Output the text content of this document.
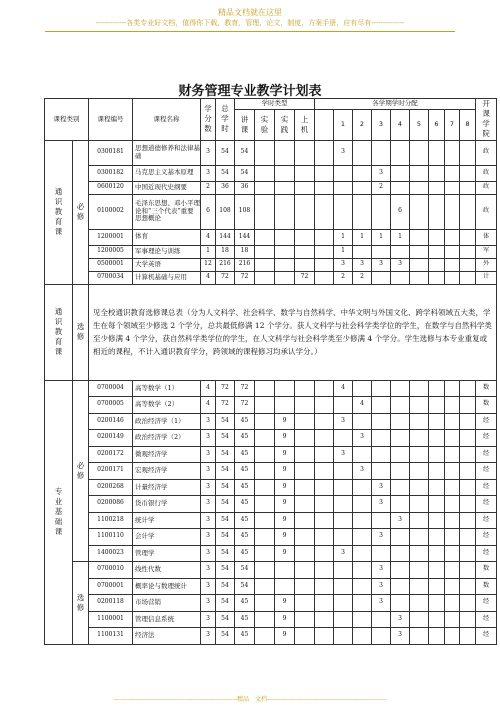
精品文档就在这里
-------------各类专业好文档，值得你下载，教育，管理，论文，制度，方案手册，应有尽有--------------
财务管理专业教学计划表
课程类别		课程编号	课程名称	学分数	总学时	学时类型				各学期学时分配									开课学院
						讲课	实验	实践	上机		1	2	3	4	5	6	7	8	
通识教育课	必修	0300181	思想道德修养和法律基础	3	54	54					3								政
		0300182	马克思主义基本原理	3	54	54							3						政
		0600120	中国近现代史纲要	2	36	36							2						政
		0100002	毛泽东思想、邓小平理论和“三个代表”重要思想概论	6	108	108								6					政
		1200001	体育	4	144	144					1	1	1	1					体
		1200005	军事理论与训练	1	18	18					1								军
		0500001	大学英语	12	216	216					3	3	3	3					外
		0700034	计算机基础与应用	4	72	72			72		2	2							计
通识教育课	选修	见全校通识教育选修课总表（分为人文科学、社会科学、数学与自然科学、中华文明与外国文化、跨学科领域五大类，学生在每个领域至少修选 2 个学分，总共最低修满 12 个学分。获人文科学与社会科学类学位的学生，在数学与自然科学类至少修满 4 个学分，获自然科学类学位的学生，在人文科学与社会科学类至少修满 4 个学分。学生选修与本专业重复或相近的课程，不计入通识教育学分，跨领域的课程修习均承认学分。）																	
专业基础课	必修	0700004	高等数学（1）	4	72	72					4								数
		0700005	高等数学（2）	4	72	72						4							数
		0200146	政治经济学（1）	3	54	45		9			3								经
		0200149	政治经济学（2）	3	54	45		9				3							经
		0200172	微观经济学	3	54	45		9			3								经
		0200171	宏观经济学	3	54	45		9				3							经
		0200268	计量经济学	3	54	45		9					3						经
		0200086	货币银行学	3	54	45		9					3						经
		1100218	统计学	3	54	45		9						3					经
		1100110	会计学	3	54	45		9					3						经
		1400023	管理学	3	54	45		9			3								经
	选修	0700010	线性代数	3	54	54							3						数
		0700001	概率论与数理统计	3	54	54							3						数
		0200118	市场营销	3	54	45		9					3						经
		1100001	管理信息系统	3	54	45		9						3					经
		1100131	经济法	3	54	45		9						3					经
-------------------------------------------------------------精品　文档-----------------------------------------------------------
